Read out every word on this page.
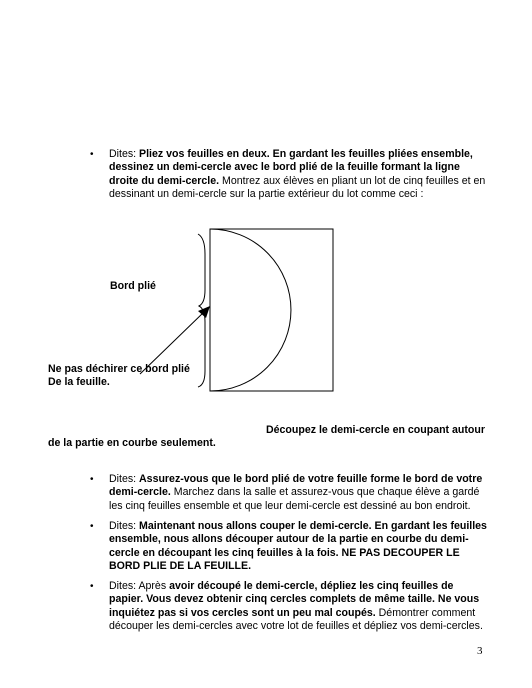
•	Dites: Pliez vos feuilles en deux. En gardant les feuilles pliées ensemble, dessinez un demi-cercle avec le bord plié de la feuille formant la ligne droite du demi-cercle. Montrez aux élèves en pliant un lot de cinq feuilles et en dessinant un demi-cercle sur la partie extérieur du lot comme ceci :
Bord plié
Ne pas déchirer ce bord plié
De la feuille.
Découpez le demi-cercle en coupant autour
de la partie en courbe seulement.
•	Dites: Assurez-vous que le bord plié de votre feuille forme le bord de votre demi-cercle. Marchez dans la salle et assurez-vous que chaque élève a gardé les cinq feuilles ensemble et que leur demi-cercle est dessiné au bon endroit.
•	Dites: Maintenant nous allons couper le demi-cercle. En gardant les feuilles ensemble, nous allons découper autour de la partie en courbe du demi-cercle en découpant les cinq feuilles à la fois. NE PAS DECOUPER LE BORD PLIE DE LA FEUILLE.
•	Dites: Après avoir découpé le demi-cercle, dépliez les cinq feuilles de papier. Vous devez obtenir cinq cercles complets de même taille. Ne vous inquiétez pas si vos cercles sont un peu mal coupés. Démontrer comment découper les demi-cercles avec votre lot de feuilles et dépliez vos demi-cercles.
3
